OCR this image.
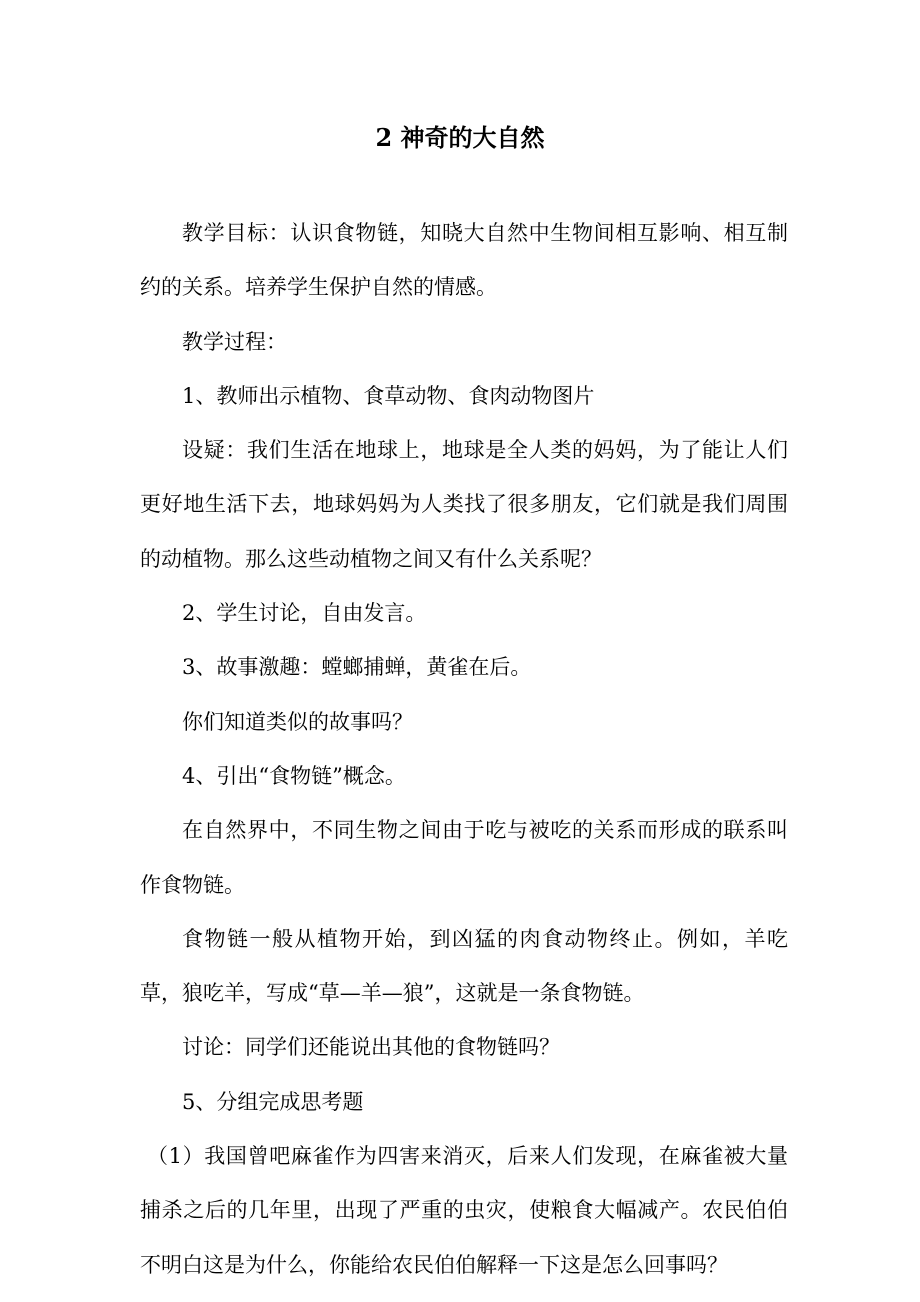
2 神奇的大自然

教学目标：认识食物链，知晓大自然中生物间相互影响、相互制约的关系。培养学生保护自然的情感。

教学过程：

1、教师出示植物、食草动物、食肉动物图片

设疑：我们生活在地球上，地球是全人类的妈妈，为了能让人们更好地生活下去，地球妈妈为人类找了很多朋友，它们就是我们周围的动植物。那么这些动植物之间又有什么关系呢？

2、学生讨论，自由发言。

3、故事激趣：螳螂捕蝉，黄雀在后。

你们知道类似的故事吗？

4、引出“食物链”概念。

在自然界中，不同生物之间由于吃与被吃的关系而形成的联系叫作食物链。

食物链一般从植物开始，到凶猛的肉食动物终止。例如，羊吃草，狼吃羊，写成“草—羊—狼”，这就是一条食物链。

讨论：同学们还能说出其他的食物链吗？

5、分组完成思考题

（1）我国曾吧麻雀作为四害来消灭，后来人们发现，在麻雀被大量捕杀之后的几年里，出现了严重的虫灾，使粮食大幅减产。农民伯伯不明白这是为什么，你能给农民伯伯解释一下这是怎么回事吗？
